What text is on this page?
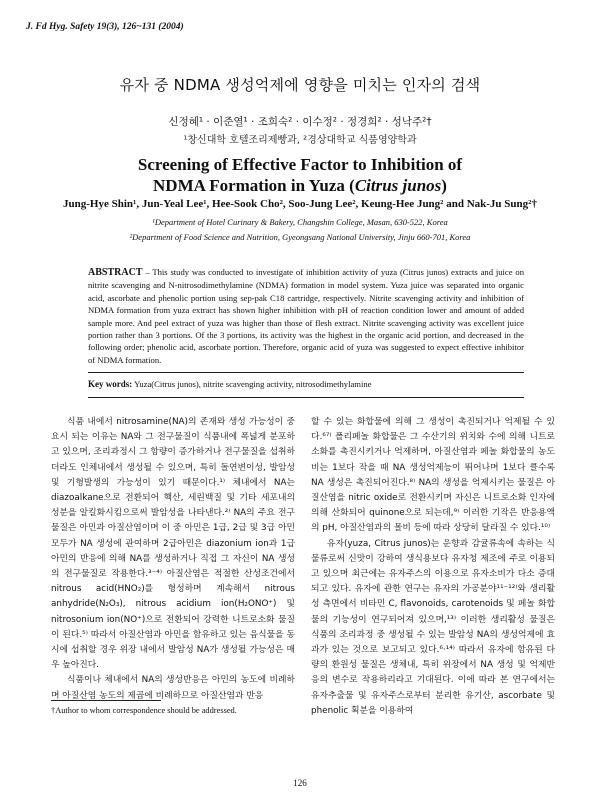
J. Fd Hyg. Safety 19(3), 126~131 (2004)
유자 중 NDMA 생성억제에 영향을 미치는 인자의 검색
신정혜¹ · 이준열¹ · 조희숙² · 이수정² · 정경희² · 성낙주²†
¹창신대학 호텔조리제빵과, ²경상대학교 식품영양학과
Screening of Effective Factor to Inhibition of
NDMA Formation in Yuza (Citrus junos)
Jung-Hye Shin¹, Jun-Yeal Lee¹, Hee-Sook Cho², Soo-Jung Lee², Keung-Hee Jung² and Nak-Ju Sung²†
¹Department of Hotel Curinary & Bakery, Changshin College, Masan, 630-522, Korea
²Department of Food Science and Nutrition, Gyeongsang National University, Jinju 660-701, Korea
ABSTRACT – This study was conducted to investigate of inhibition activity of yuza (Citrus junos) extracts and juice on nitrite scavenging and N-nitrosodimethylamine (NDMA) formation in model system. Yuza juice was separated into organic acid, ascorbate and phenolic portion using sep-pak C18 cartridge, respectively. Nitrite scavenging activity and inhibition of NDMA formation from yuza extract has shown higher inhibition with pH of reaction condition lower and amount of added sample more. And peel extract of yuza was higher than those of flesh extract. Nitrite scavenging activity was excellent juice portion rather than 3 portions. Of the 3 portions, its activity was the highest in the organic acid portion, and decreased in the following order; phenolic acid, ascorbate portion. Therefore, organic acid of yuza was suggested to expect effective inhibitor of NDMA formation.
Key words: Yuza(Citrus junos), nitrite scavenging activity, nitrosodimethylamine

식품 내에서 nitrosamine(NA)의 존재와 생성 가능성이 중요시 되는 이유는 NA와 그 전구물질이 식품내에 폭넓게 분포하고 있으며, 조리과정시 그 함량이 증가하거나 전구물질을 섭취하더라도 인체내에서 생성될 수 있으며, 특히 돌연변이성, 발암성 및 기형발생의 가능성이 있기 때문이다.¹⁾ 체내에서 NA는 diazoalkane으로 전환되어 핵산, 세린백질 및 기타 세포내의 성분을 알킬화시킴으로써 발암성을 나타낸다.²⁾ NA의 주요 전구물질은 아민과 아질산염이며 이 중 아민은 1급, 2급 및 3급 아민 모두가 NA 생성에 관여하며 2급아민은 diazonium ion과 1급 아민의 반응에 의해 NA를 생성하거나 직접 그 자신이 NA 생성의 전구물질로 작용한다.³⁻⁴⁾ 아질산염은 적절한 산성조건에서 nitrous acid(HNO₂)를 형성하며 계속해서 nitrous anhydride(N₂O₃), nitrous acidium ion(H₂ONO⁺) 및 nitrosonium ion(NO⁺)으로 전환되어 강력한 니트로소화 물질이 된다.⁵⁾ 따라서 아질산염과 아민을 함유하고 있는 음식물을 동시에 섭취할 경우 위장 내에서 발암성 NA가 생성될 가능성은 매우 높아진다.

식품이나 체내에서 NA의 생성반응은 아민의 농도에 비례하며 아질산염 농도의 제곱에 비례하므로 아질산염과 반응

할 수 있는 화합물에 의해 그 생성이 촉진되거나 억제될 수 있다.⁶⁷⁾ 폴리페놀 화합물은 그 수산기의 위치와 수에 의해 니트로소화를 촉진시키거나 억제하며, 아질산염과 페놀 화합물의 농도비는 1보다 작을 때 NA 생성억제능이 뛰어나며 1보다 클수록 NA 생성은 촉진되어진다.⁸⁾ NA의 생성을 억제시키는 물질은 아질산염을 nitric oxide로 전환시키며 자신은 니트로소화 인자에 의해 산화되어 quinone으로 되는데,⁹⁾ 이러한 기작은 반응용액의 pH, 아질산염과의 몰비 등에 따라 상당히 달라질 수 있다.¹⁰⁾

유자(yuza, Citrus junos)는 운향과 감귤류속에 속하는 식물류로써 신맛이 강하여 생식용보다 유자청 제조에 주로 이용되고 있으며 최근에는 유자주스의 이용으로 유자소비가 다소 증대되고 있다. 유자에 관한 연구는 유자의 가공분야¹¹⁻¹²⁾와 생리활성 측면에서 비타민 C, flavonoids, carotenoids 및 페놀 화합물의 기능성이 연구되어져 있으며,¹³⁾ 이러한 생리활성 물질은 식품의 조리과정 중 생성될 수 있는 발암성 NA의 생성억제에 효과가 있는 것으로 보고되고 있다.⁶·¹⁴⁾ 따라서 유자에 함유된 다량의 환원성 물질은 생체내, 특히 위장에서 NA 생성 및 억제반응의 변수로 작용하리라고 기대된다. 이에 따라 본 연구에서는 유자추출물 및 유자주스로부터 분리한 유기산, ascorbate 및 phenolic 획분을 이용하여

†Author to whom correspondence should be addressed.
126
